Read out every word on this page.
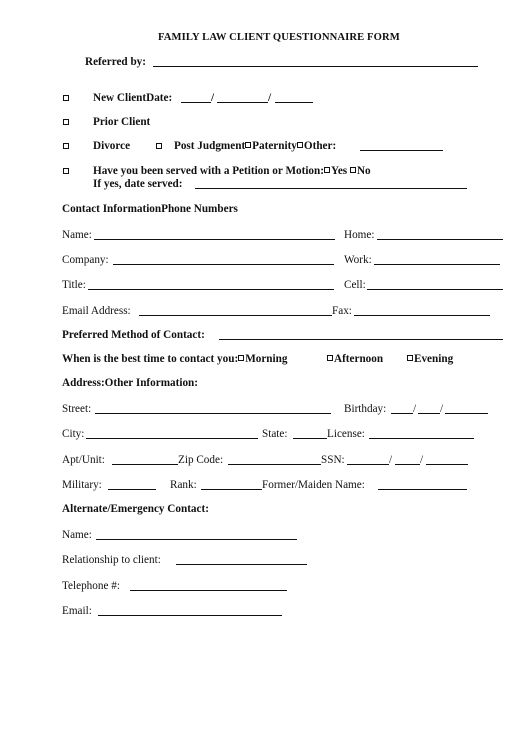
FAMILY LAW CLIENT QUESTIONNAIRE FORM
Referred by:
New ClientDate:	/	/
Prior Client
Divorce	Post Judgment Paternity Other:
Have you been served with a Petition or Motion: Yes No
If yes, date served:
Contact InformationPhone Numbers
Name:	Home:
Company:	Work:
Title:	Cell:
Email Address:	Fax:
Preferred Method of Contact:
When is the best time to contact you: Morning	Afternoon	Evening
Address:Other Information:
Street:	Birthday: / /
City:	State:	License:
Apt/Unit:	Zip Code:	SSN:	/ /
Military:	Rank:	Former/Maiden Name:
Alternate/Emergency Contact:
Name:
Relationship to client:
Telephone #:
Email:
